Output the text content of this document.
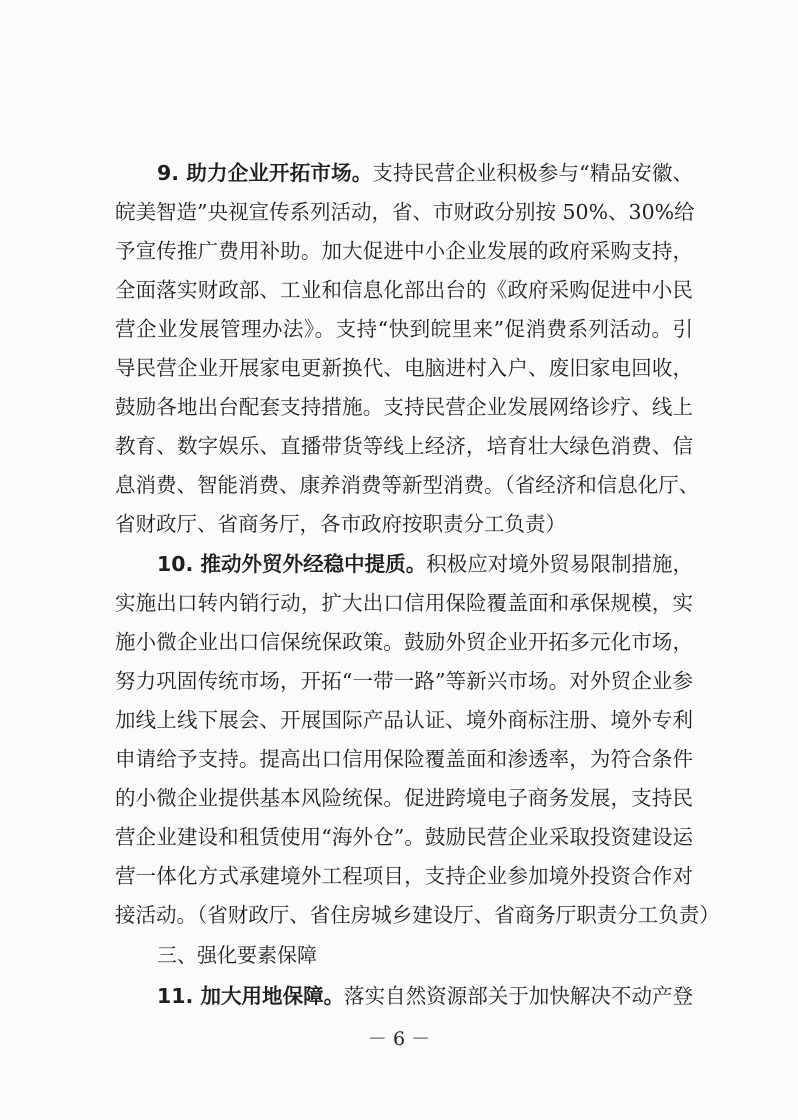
9. 助力企业开拓市场。支持民营企业积极参与“精品安徽、
皖美智造”央视宣传系列活动，省、市财政分别按 50%、30%给
予宣传推广费用补助。加大促进中小企业发展的政府采购支持，
全面落实财政部、工业和信息化部出台的《政府采购促进中小民
营企业发展管理办法》。支持“快到皖里来”促消费系列活动。引
导民营企业开展家电更新换代、电脑进村入户、废旧家电回收，
鼓励各地出台配套支持措施。支持民营企业发展网络诊疗、线上
教育、数字娱乐、直播带货等线上经济，培育壮大绿色消费、信
息消费、智能消费、康养消费等新型消费。（省经济和信息化厅、
省财政厅、省商务厅，各市政府按职责分工负责）
10. 推动外贸外经稳中提质。积极应对境外贸易限制措施，
实施出口转内销行动，扩大出口信用保险覆盖面和承保规模，实
施小微企业出口信保统保政策。鼓励外贸企业开拓多元化市场，
努力巩固传统市场，开拓“一带一路”等新兴市场。对外贸企业参
加线上线下展会、开展国际产品认证、境外商标注册、境外专利
申请给予支持。提高出口信用保险覆盖面和渗透率，为符合条件
的小微企业提供基本风险统保。促进跨境电子商务发展，支持民
营企业建设和租赁使用“海外仓”。鼓励民营企业采取投资建设运
营一体化方式承建境外工程项目，支持企业参加境外投资合作对
接活动。（省财政厅、省住房城乡建设厅、省商务厅职责分工负责）
三、强化要素保障
11. 加大用地保障。落实自然资源部关于加快解决不动产登
－ 6 －
